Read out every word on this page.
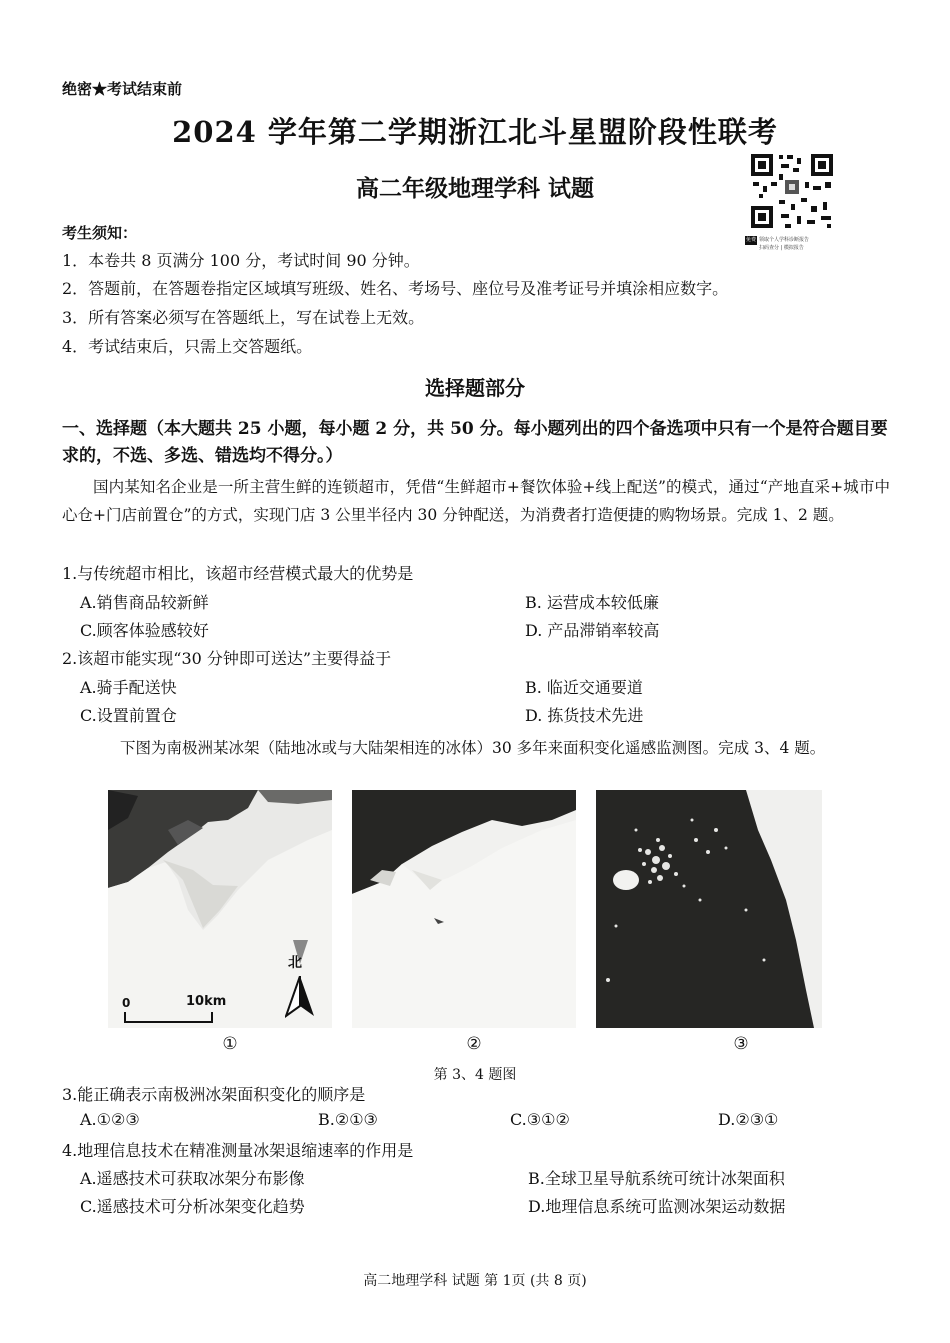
绝密★考试结束前
2024 学年第二学期浙江北斗星盟阶段性联考
高二年级地理学科 试题
免费 领取个人学科诊断报告
扫码查分 | 模拟报告
考生须知：
1．本卷共 8 页满分 100 分，考试时间 90 分钟。
2．答题前，在答题卷指定区域填写班级、姓名、考场号、座位号及准考证号并填涂相应数字。
3．所有答案必须写在答题纸上，写在试卷上无效。
4．考试结束后，只需上交答题纸。
选择题部分
一、选择题（本大题共 25 小题，每小题 2 分，共 50 分。每小题列出的四个备选项中只有一个是符合题目要求的，不选、多选、错选均不得分。）
国内某知名企业是一所主营生鲜的连锁超市，凭借“生鲜超市+餐饮体验+线上配送”的模式，通过“产地直采+城市中心仓+门店前置仓”的方式，实现门店 3 公里半径内 30 分钟配送，为消费者打造便捷的购物场景。完成 1、2 题。
1.与传统超市相比，该超市经营模式最大的优势是
A.销售商品较新鲜	B. 运营成本较低廉
C.顾客体验感较好	D. 产品滞销率较高
2.该超市能实现“30 分钟即可送达”主要得益于
A.骑手配送快	B. 临近交通要道
C.设置前置仓	D. 拣货技术先进
下图为南极洲某冰架（陆地冰或与大陆架相连的冰体）30 多年来面积变化遥感监测图。完成 3、4 题。
北
0	10km
①	②	③
第 3、4 题图
3.能正确表示南极洲冰架面积变化的顺序是
A.①②③	B.②①③	C.③①②	D.②③①
4.地理信息技术在精准测量冰架退缩速率的作用是
A.遥感技术可获取冰架分布影像	B.全球卫星导航系统可统计冰架面积
C.遥感技术可分析冰架变化趋势	D.地理信息系统可监测冰架运动数据
高二地理学科 试题 第 1页 (共 8 页)
